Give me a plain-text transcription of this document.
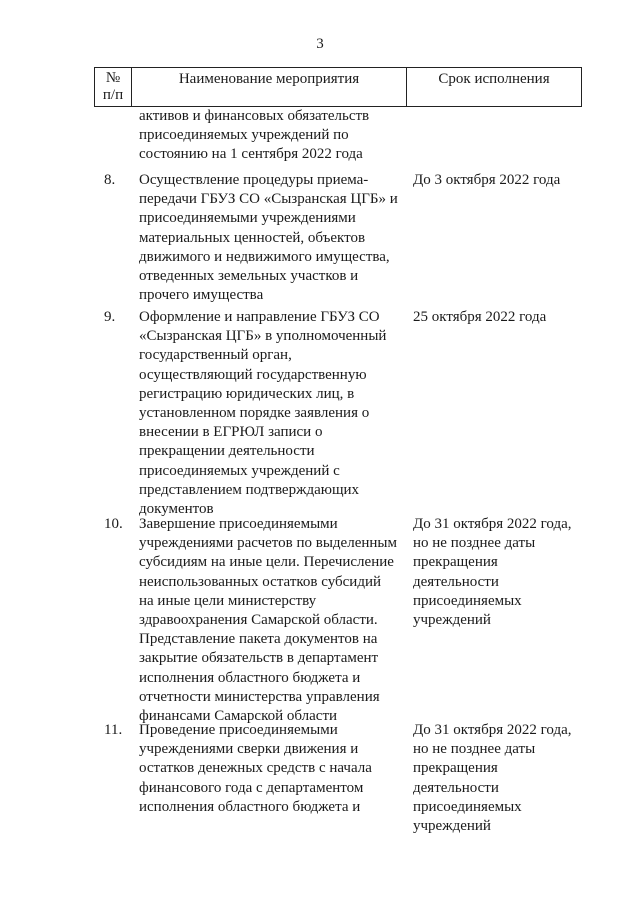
3
№
п/п
Наименование мероприятия	Срок исполнения
активов и финансовых обязательств
присоединяемых учреждений по
состоянию на 1 сентября 2022 года
8. Осуществление процедуры приема-
передачи ГБУЗ СО «Сызранская ЦГБ» и
присоединяемыми учреждениями
материальных ценностей, объектов
движимого и недвижимого имущества,
отведенных земельных участков и
прочего имущества
До 3 октября 2022 года
9. Оформление и направление ГБУЗ СО
«Сызранская ЦГБ» в уполномоченный
государственный орган,
осуществляющий государственную
регистрацию юридических лиц, в
установленном порядке заявления о
внесении в ЕГРЮЛ записи о
прекращении деятельности
присоединяемых учреждений с
представлением подтверждающих
документов
25 октября 2022 года
10. Завершение присоединяемыми
учреждениями расчетов по выделенным
субсидиям на иные цели. Перечисление
неиспользованных остатков субсидий
на иные цели министерству
здравоохранения Самарской области.
Представление пакета документов на
закрытие обязательств в департамент
исполнения областного бюджета и
отчетности министерства управления
финансами Самарской области
До 31 октября 2022 года,
но не позднее даты
прекращения
деятельности
присоединяемых
учреждений
11. Проведение присоединяемыми
учреждениями сверки движения и
остатков денежных средств с начала
финансового года с департаментом
исполнения областного бюджета и
До 31 октября 2022 года,
но не позднее даты
прекращения
деятельности
присоединяемых
учреждений
